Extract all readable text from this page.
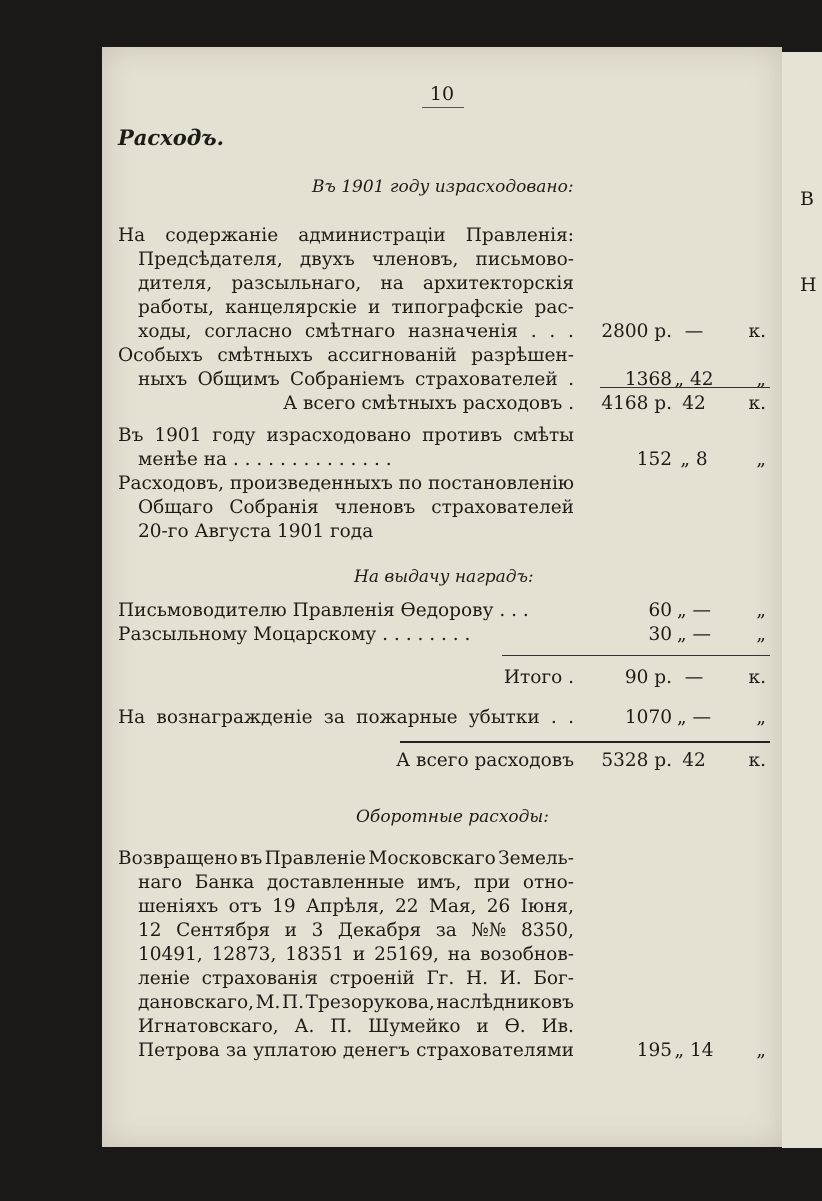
В
Н
10
Расходъ.
Въ 1901 году израсходовано:
На содержаніе администраціи Правленія:
Предсѣдателя, двухъ членовъ, письмово-
дителя, разсыльнаго, на архитекторскія
работы, канцелярскіе и типографскіе рас-
ходы, согласно смѣтнаго назначенія . . .	2800 р. — к.
Особыхъ смѣтныхъ ассигнованій разрѣшен-
ныхъ Общимъ Собраніемъ страхователей .	1368 „ 42 „
А всего смѣтныхъ расходовъ .	4168 р. 42 к.
Въ 1901 году израсходовано противъ смѣты
менѣе на . . . . . . . . . . . . . .	152 „ 8	„
Расходовъ, произведенныхъ по постановленію
Общаго Собранія членовъ страхователей
20-го Августа 1901 года
На выдачу наградъ:
Письмоводителю Правленія Ѳедорову . . .	60 „ — „
Разсыльному Моцарскому . . . . . . . .	30 „ — „
Итого .	90 р. — к.
На вознагражденіе за пожарные убытки . .	1070 „ — „
А всего расходовъ	5328 р. 42 к.
Оборотные расходы:
Возвращено въ Правленіе Московскаго Земель-
наго Банка доставленные имъ, при отно-
шеніяхъ отъ 19 Апрѣля, 22 Мая, 26 Іюня,
12 Сентября и 3 Декабря за №№ 8350,
10491, 12873, 18351 и 25169, на возобнов-
леніе страхованія строеній Гг. Н. И. Бог-
дановскаго, М. П. Трезорукова, наслѣдниковъ
Игнатовскаго, А. П. Шумейко и Ѳ. Ив.
Петрова за уплатою денегъ страхователями	195 „ 14 „
